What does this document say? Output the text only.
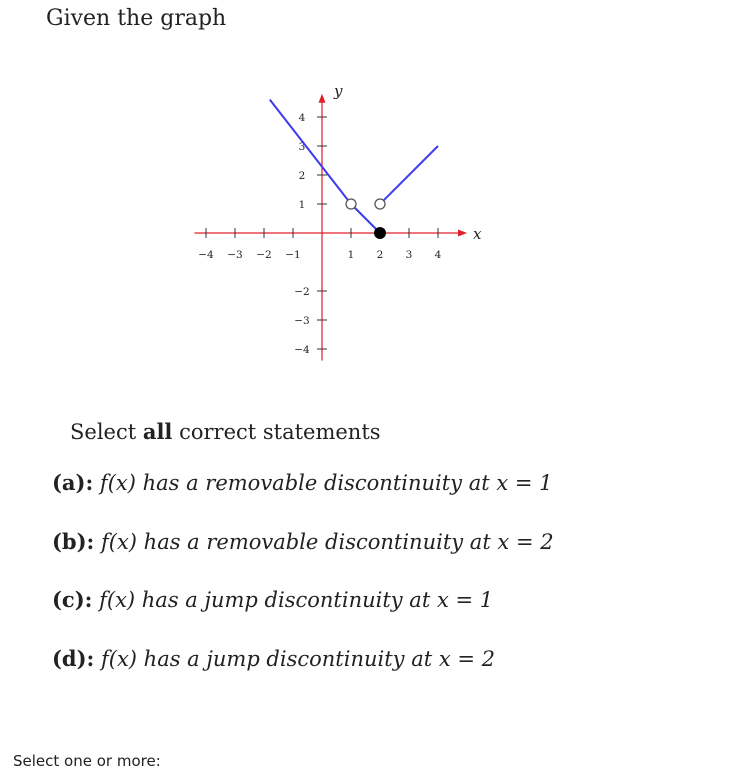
Given the graph
x
y
−4 −3 −2 −1	1 2 3 4
−4
−3
−2
2
1
3
4
Select all correct statements
(a): f(x) has a removable discontinuity at x = 1
(b): f(x) has a removable discontinuity at x = 2
(c): f(x) has a jump discontinuity at x = 1
(d): f(x) has a jump discontinuity at x = 2
Select one or more:
